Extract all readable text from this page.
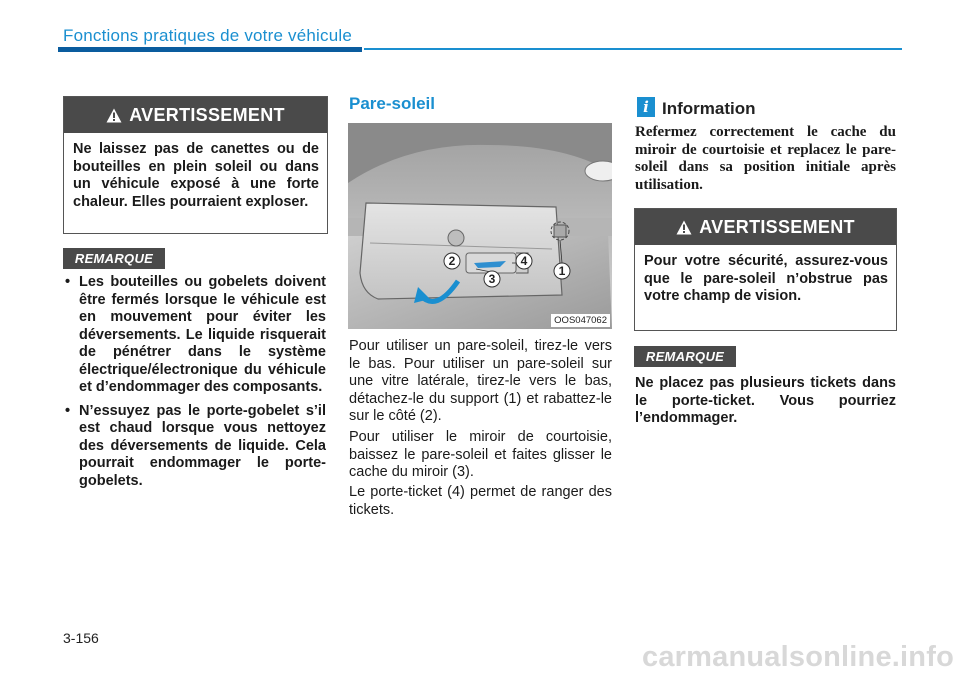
Fonctions pratiques de votre véhicule
AVERTISSEMENT
Ne laissez pas de canettes ou de bouteilles en plein soleil ou dans un véhicule exposé à une forte chaleur. Elles pourraient exploser.
REMARQUE
• Les bouteilles ou gobelets doivent être fermés lorsque le véhicule est en mouvement pour éviter les déversements. Le liquide risquerait de pénétrer dans le système électrique/électronique du véhicule et d’endommager des composants.
• N’essuyez pas le porte-gobelet s’il est chaud lorsque vous nettoyez des déversements de liquide. Cela pourrait endommager le porte-gobelets.
Pare-soleil
1
2
3
4
OOS047062

Pour utiliser un pare-soleil, tirez-le vers le bas. Pour utiliser un pare-soleil sur une vitre latérale, tirez-le vers le bas, détachez-le du support (1) et rabattez-le sur le côté (2).

Pour utiliser le miroir de courtoisie, baissez le pare-soleil et faites glisser le cache du miroir (3).

Le porte-ticket (4) permet de ranger des tickets.

i Information

Refermez correctement le cache du miroir de courtoisie et replacez le pare-soleil dans sa position initiale après utilisation.

AVERTISSEMENT
Pour votre sécurité, assurez-vous que le pare-soleil n’obstrue pas votre champ de vision.
REMARQUE

Ne placez pas plusieurs tickets dans le porte-ticket. Vous pourriez l’endommager.

3-156
carmanualsonline.info
